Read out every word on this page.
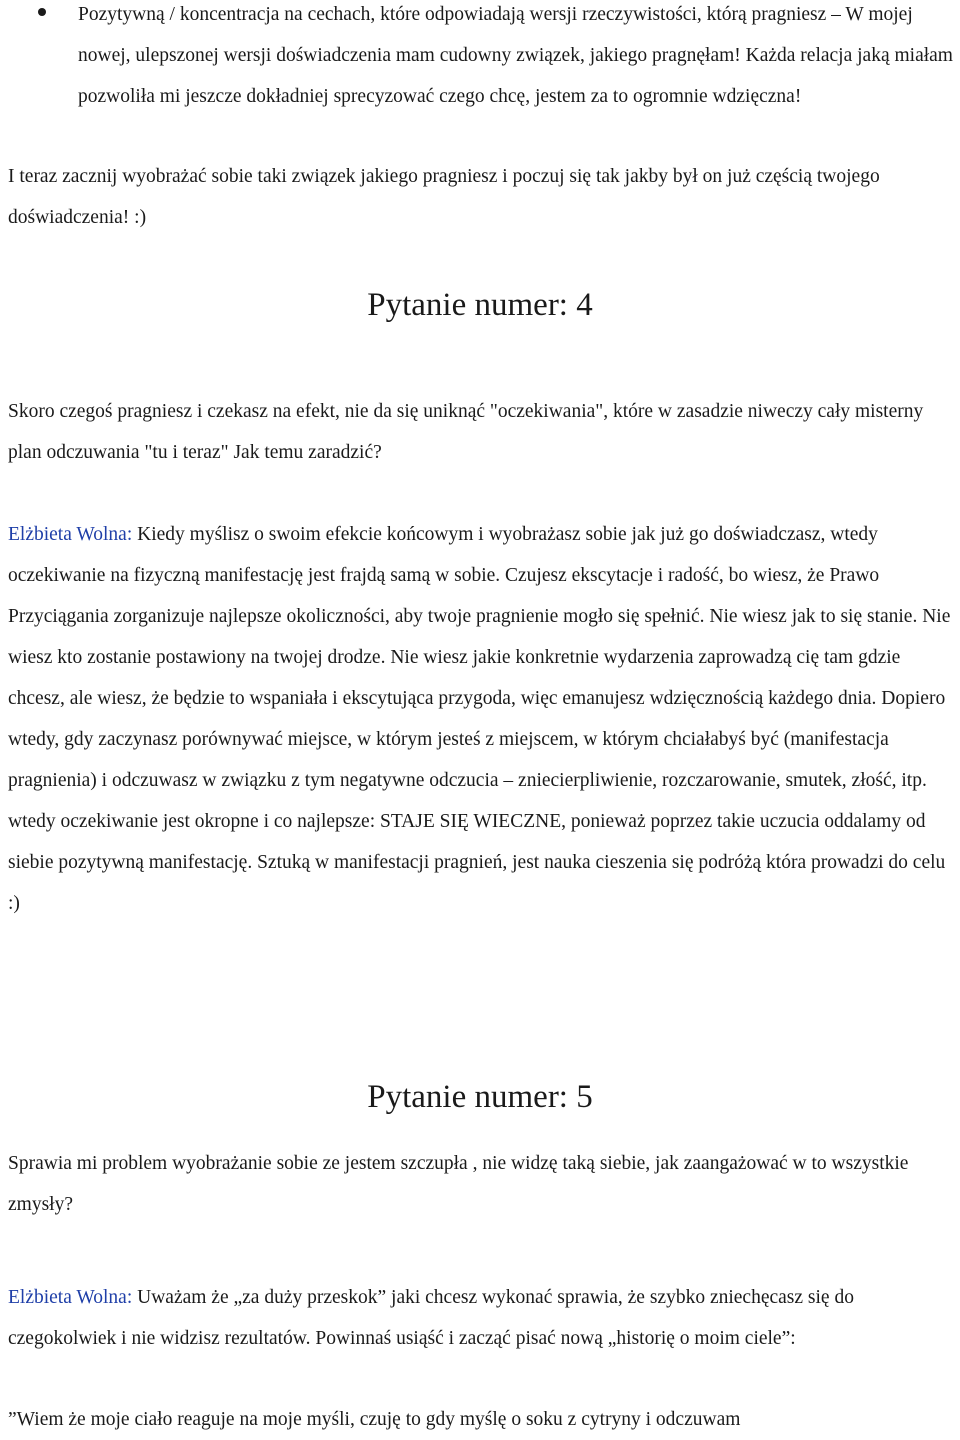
Pozytywną / koncentracja na cechach, które odpowiadają wersji rzeczywistości, którą pragniesz – W mojej nowej, ulepszonej wersji doświadczenia mam cudowny związek, jakiego pragnęłam! Każda relacja jaką miałam pozwoliła mi jeszcze dokładniej sprecyzować czego chcę, jestem za to ogromnie wdzięczna!

I teraz zacznij wyobrażać sobie taki związek jakiego pragniesz i poczuj się tak jakby był on już częścią twojego doświadczenia! :)

Pytanie numer: 4

Skoro czegoś pragniesz i czekasz na efekt, nie da się uniknąć "oczekiwania", które w zasadzie niweczy cały misterny plan odczuwania "tu i teraz" Jak temu zaradzić?

Elżbieta Wolna: Kiedy myślisz o swoim efekcie końcowym i wyobrażasz sobie jak już go doświadczasz, wtedy oczekiwanie na fizyczną manifestację jest frajdą samą w sobie. Czujesz ekscytacje i radość, bo wiesz, że Prawo Przyciągania zorganizuje najlepsze okoliczności, aby twoje pragnienie mogło się spełnić. Nie wiesz jak to się stanie. Nie wiesz kto zostanie postawiony na twojej drodze. Nie wiesz jakie konkretnie wydarzenia zaprowadzą cię tam gdzie chcesz, ale wiesz, że będzie to wspaniała i ekscytująca przygoda, więc emanujesz wdzięcznością każdego dnia. Dopiero wtedy, gdy zaczynasz porównywać miejsce, w którym jesteś z miejscem, w którym chciałabyś być (manifestacja pragnienia) i odczuwasz w związku z tym negatywne odczucia – zniecierpliwienie, rozczarowanie, smutek, złość, itp. wtedy oczekiwanie jest okropne i co najlepsze: STAJE SIĘ WIECZNE, ponieważ poprzez takie uczucia oddalamy od siebie pozytywną manifestację. Sztuką w manifestacji pragnień, jest nauka cieszenia się podróżą która prowadzi do celu :)

Pytanie numer: 5

Sprawia mi problem wyobrażanie sobie ze jestem szczupła , nie widzę taką siebie, jak zaangażować w to wszystkie zmysły?

Elżbieta Wolna: Uważam że „za duży przeskok” jaki chcesz wykonać sprawia, że szybko zniechęcasz się do czegokolwiek i nie widzisz rezultatów. Powinnaś usiąść i zacząć pisać nową „historię o moim ciele”:

”Wiem że moje ciało reaguje na moje myśli, czuję to gdy myślę o soku z cytryny i odczuwam
